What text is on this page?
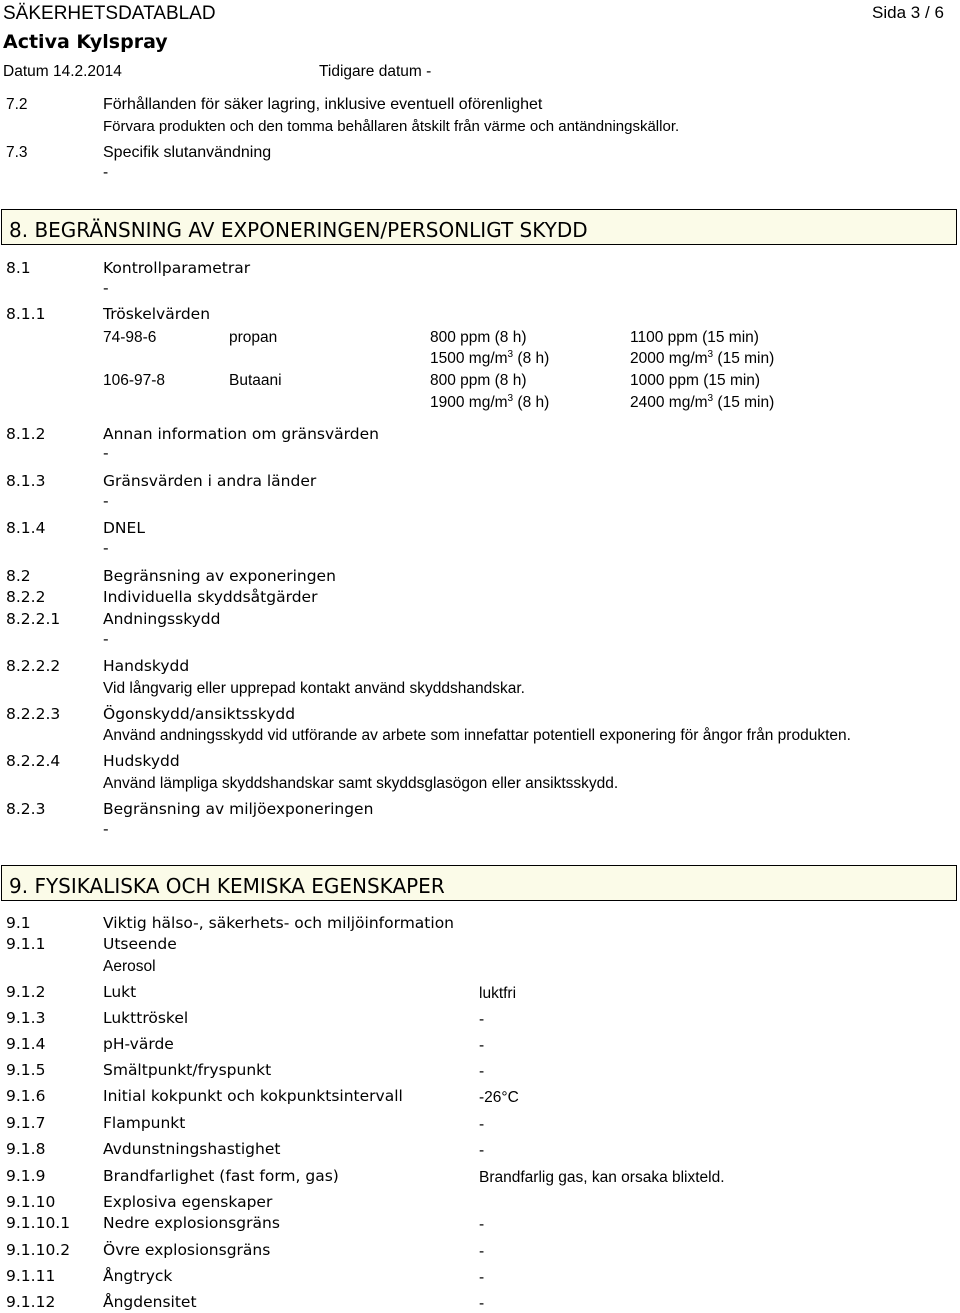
SÄKERHETSDATABLAD	Sida 3 / 6
Activa Kylspray
Datum 14.2.2014	Tidigare datum -
7.2	Förhållanden för säker lagring, inklusive eventuell oförenlighet
Förvara produkten och den tomma behållaren åtskilt från värme och antändningskällor.
7.3	Specifik slutanvändning
-
8. BEGRÄNSNING AV EXPONERINGEN/PERSONLIGT SKYDD
8.1	Kontrollparametrar
-
8.1.1	Tröskelvärden
74-98-6	propan	800 ppm (8 h)	1100 ppm (15 min)
1500 $mg/m^3$ (8 h)	2000 $mg/m^3$ (15 min)
106-97-8	Butaani	800 ppm (8 h)	1000 ppm (15 min)
1900 $mg/m^3$ (8 h)	2400 $mg/m^3$ (15 min)
8.1.2	Annan information om gränsvärden
-
8.1.3	Gränsvärden i andra länder
-
8.1.4	DNEL
-
8.2	Begränsning av exponeringen
8.2.2	Individuella skyddsåtgärder
8.2.2.1	Andningsskydd
-
8.2.2.2	Handskydd
Vid långvarig eller upprepad kontakt använd skyddshandskar.
8.2.2.3	Ögonskydd/ansiktsskydd
Använd andningsskydd vid utförande av arbete som innefattar potentiell exponering för ångor från produkten.
8.2.2.4	Hudskydd
Använd lämpliga skyddshandskar samt skyddsglasögon eller ansiktsskydd.
8.2.3	Begränsning av miljöexponeringen
-
9. FYSIKALISKA OCH KEMISKA EGENSKAPER
9.1	Viktig hälso-, säkerhets- och miljöinformation
9.1.1	Utseende
Aerosol
9.1.2	Lukt	luktfri
9.1.3	Lukttröskel	-
9.1.4	pH-värde	-
9.1.5	Smältpunkt/fryspunkt	-
9.1.6	Initial kokpunkt och kokpunktsintervall	-26°C
9.1.7	Flampunkt	-
9.1.8	Avdunstningshastighet	-
9.1.9	Brandfarlighet (fast form, gas)	Brandfarlig gas, kan orsaka blixteld.
9.1.10	Explosiva egenskaper
9.1.10.1 Nedre explosionsgräns	-
9.1.10.2 Övre explosionsgräns	-
9.1.11	Ångtryck	-
9.1.12	Ångdensitet	-
